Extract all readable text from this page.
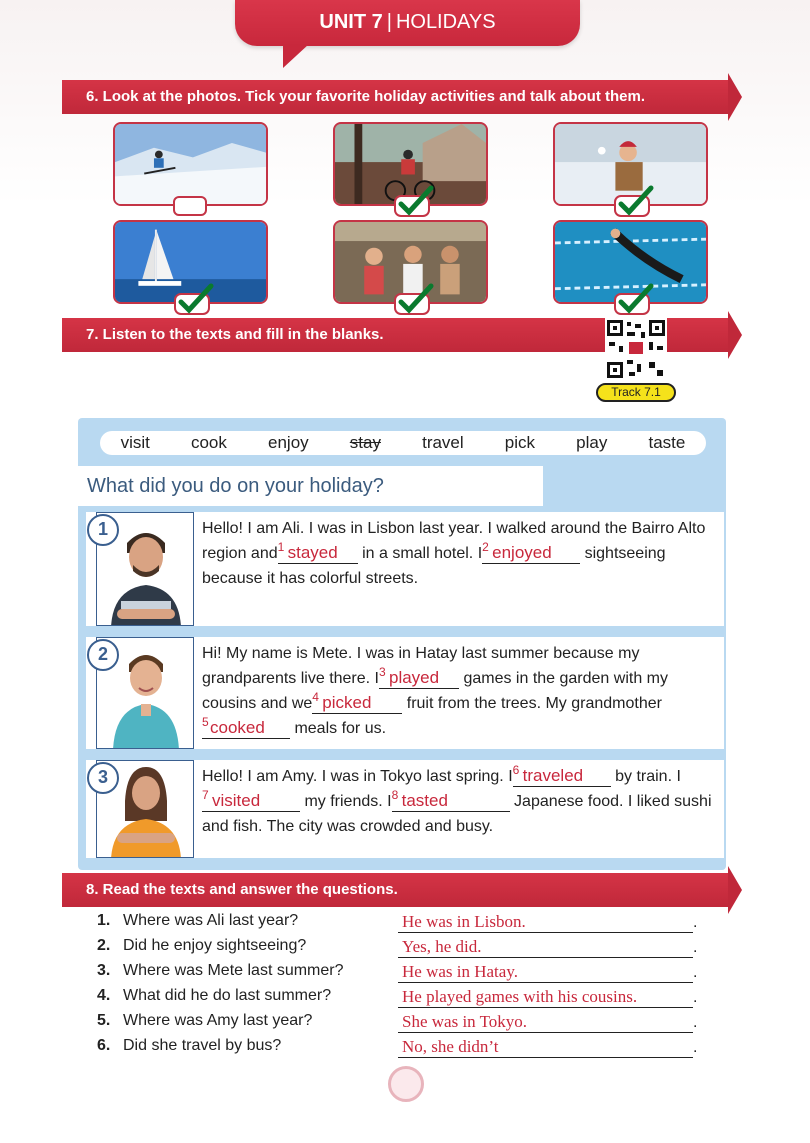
UNIT 7 | HOLIDAYS
6. Look at the photos. Tick your favorite holiday activities and talk about them.
7. Listen to the texts and fill in the blanks.
Track 7.1
visit cook enjoy stay travel pick play taste
What did you do on your holiday?
1	Hello! I am Ali. I was in Lisbon last year. I walked around the Bairro Alto region and 1 stayed in a small hotel. I 2 enjoyed sightseeing because it has colorful streets.
2	Hi! My name is Mete. I was in Hatay last summer because my grandparents live there. I 3 played games in the garden with my cousins and we 4 picked fruit from the trees. My grandmother
5 cooked meals for us.
3	Hello! I am Amy. I was in Tokyo last spring. I 6 traveled by train. I
7 visited	my friends. I 8 tasted	Japanese food. I liked sushi and fish. The city was crowded and busy.
8. Read the texts and answer the questions.
1. Where was Ali last year?	He was in Lisbon.	.
2. Did he enjoy sightseeing?	Yes, he did.	.
3. Where was Mete last summer?	He was in Hatay.	.
4. What did he do last summer?	He played games with his cousins.	.
5. Where was Amy last year?	She was in Tokyo.	.
6. Did she travel by bus?	No, she didn’t	.
